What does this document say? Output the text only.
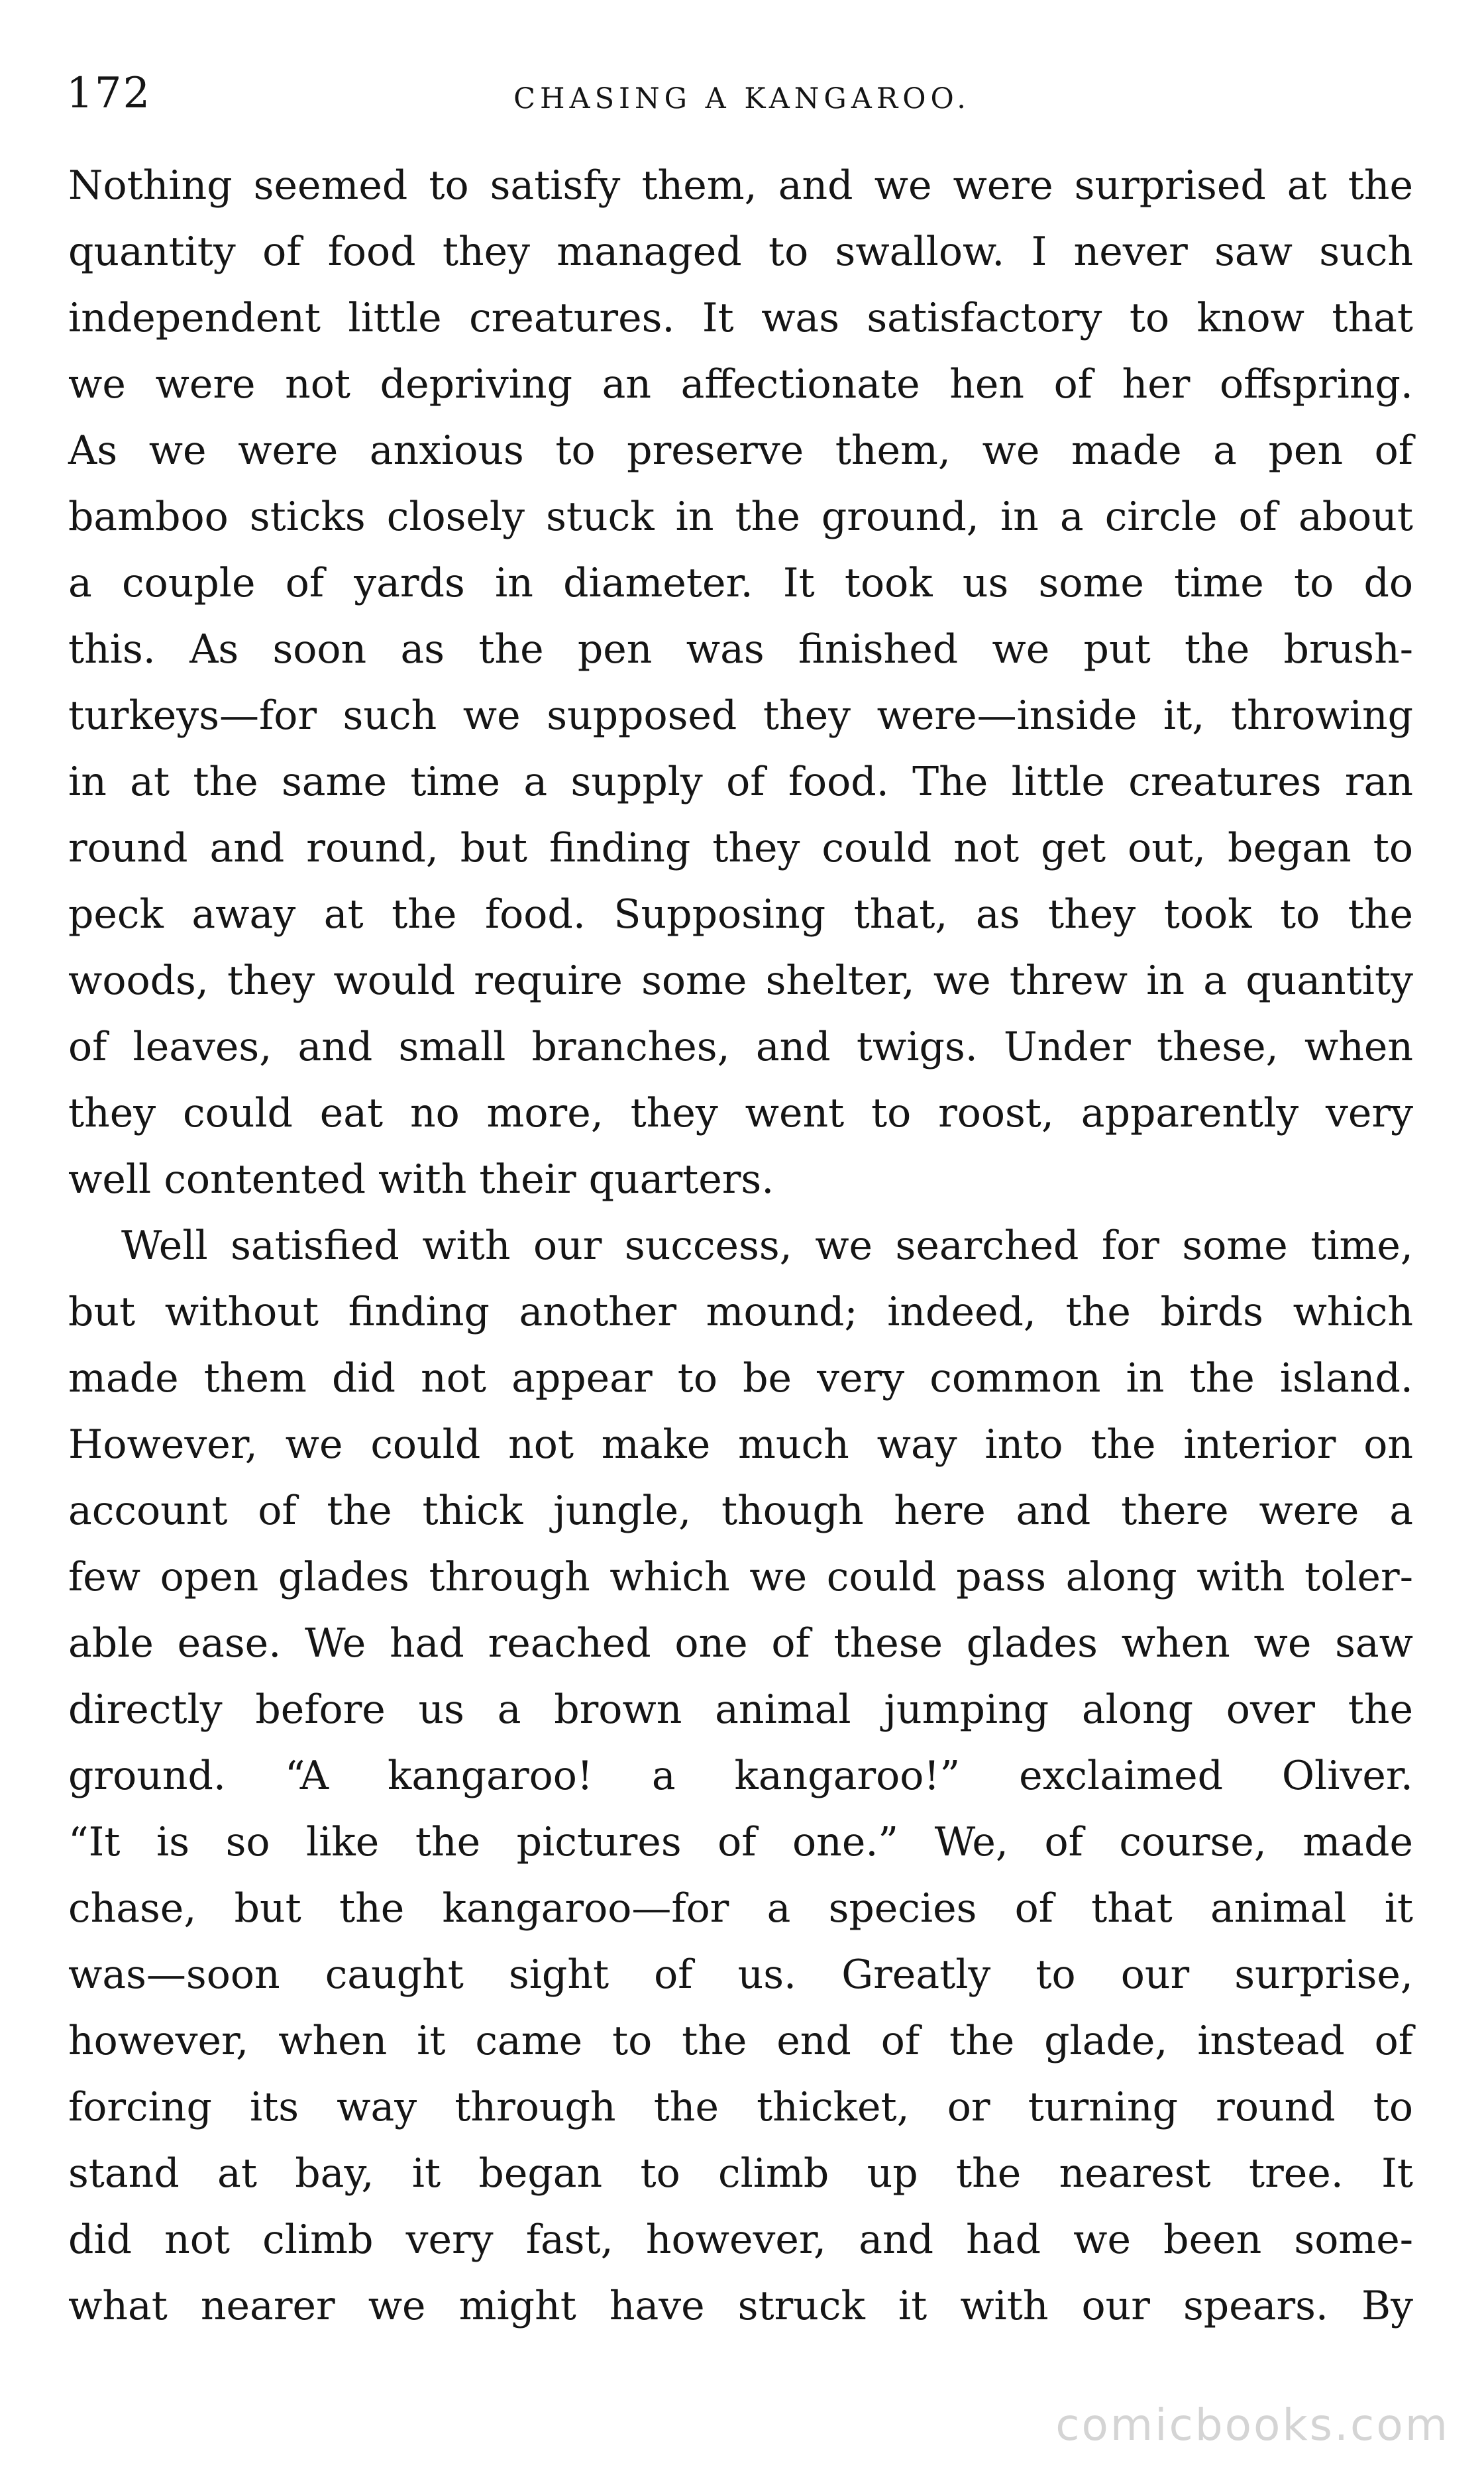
172	CHASING A KANGAROO.
Nothing seemed to satisfy them, and we were surprised at the
quantity of food they managed to swallow. I never saw such
independent little creatures. It was satisfactory to know that
we were not depriving an affectionate hen of her offspring.
As we were anxious to preserve them, we made a pen of
bamboo sticks closely stuck in the ground, in a circle of about
a couple of yards in diameter. It took us some time to do
this. As soon as the pen was finished we put the brush-
turkeys—for such we supposed they were—inside it, throwing
in at the same time a supply of food. The little creatures ran
round and round, but finding they could not get out, began to
peck away at the food. Supposing that, as they took to the
woods, they would require some shelter, we threw in a quantity
of leaves, and small branches, and twigs. Under these, when
they could eat no more, they went to roost, apparently very
well contented with their quarters.
Well satisfied with our success, we searched for some time,
but without finding another mound; indeed, the birds which
made them did not appear to be very common in the island.
However, we could not make much way into the interior on
account of the thick jungle, though here and there were a
few open glades through which we could pass along with toler-
able ease. We had reached one of these glades when we saw
directly before us a brown animal jumping along over the
ground. “A kangaroo! a kangaroo!” exclaimed Oliver.
“It is so like the pictures of one.” We, of course, made
chase, but the kangaroo—for a species of that animal it
was—soon caught sight of us. Greatly to our surprise,
however, when it came to the end of the glade, instead of
forcing its way through the thicket, or turning round to
stand at bay, it began to climb up the nearest tree. It
did not climb very fast, however, and had we been some-
what nearer we might have struck it with our spears. By
comicbooks.com
